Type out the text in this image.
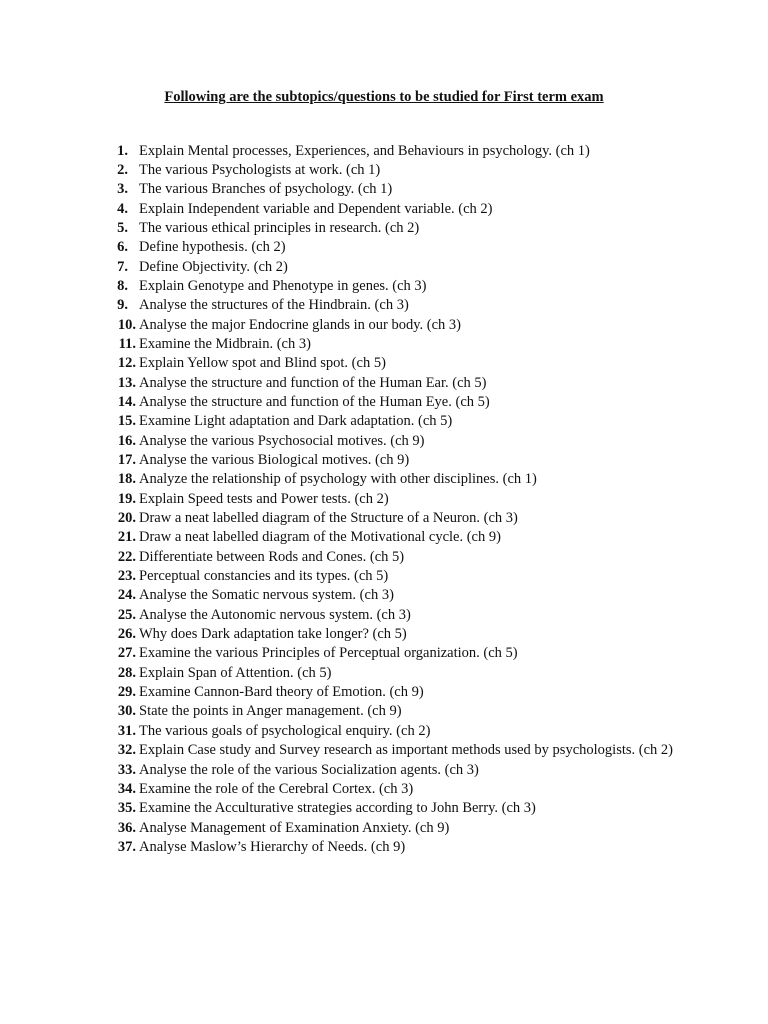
Following are the subtopics/questions to be studied for First term exam
1. Explain Mental processes, Experiences, and Behaviours in psychology. (ch 1)
2. The various Psychologists at work. (ch 1)
3. The various Branches of psychology. (ch 1)
4. Explain Independent variable and Dependent variable. (ch 2)
5. The various ethical principles in research. (ch 2)
6. Define hypothesis. (ch 2)
7. Define Objectivity. (ch 2)
8. Explain Genotype and Phenotype in genes. (ch 3)
9. Analyse the structures of the Hindbrain. (ch 3)
10. Analyse the major Endocrine glands in our body. (ch 3)
11. Examine the Midbrain. (ch 3)
12. Explain Yellow spot and Blind spot. (ch 5)
13. Analyse the structure and function of the Human Ear. (ch 5)
14. Analyse the structure and function of the Human Eye. (ch 5)
15. Examine Light adaptation and Dark adaptation. (ch 5)
16. Analyse the various Psychosocial motives. (ch 9)
17. Analyse the various Biological motives. (ch 9)
18. Analyze the relationship of psychology with other disciplines. (ch 1)
19. Explain Speed tests and Power tests. (ch 2)
20. Draw a neat labelled diagram of the Structure of a Neuron. (ch 3)
21. Draw a neat labelled diagram of the Motivational cycle. (ch 9)
22. Differentiate between Rods and Cones. (ch 5)
23. Perceptual constancies and its types. (ch 5)
24. Analyse the Somatic nervous system. (ch 3)
25. Analyse the Autonomic nervous system. (ch 3)
26. Why does Dark adaptation take longer? (ch 5)
27. Examine the various Principles of Perceptual organization. (ch 5)
28. Explain Span of Attention. (ch 5)
29. Examine Cannon-Bard theory of Emotion. (ch 9)
30. State the points in Anger management. (ch 9)
31. The various goals of psychological enquiry. (ch 2)
32. Explain Case study and Survey research as important methods used by psychologists. (ch 2)
33. Analyse the role of the various Socialization agents. (ch 3)
34. Examine the role of the Cerebral Cortex. (ch 3)
35. Examine the Acculturative strategies according to John Berry. (ch 3)
36. Analyse Management of Examination Anxiety. (ch 9)
37. Analyse Maslow’s Hierarchy of Needs. (ch 9)
